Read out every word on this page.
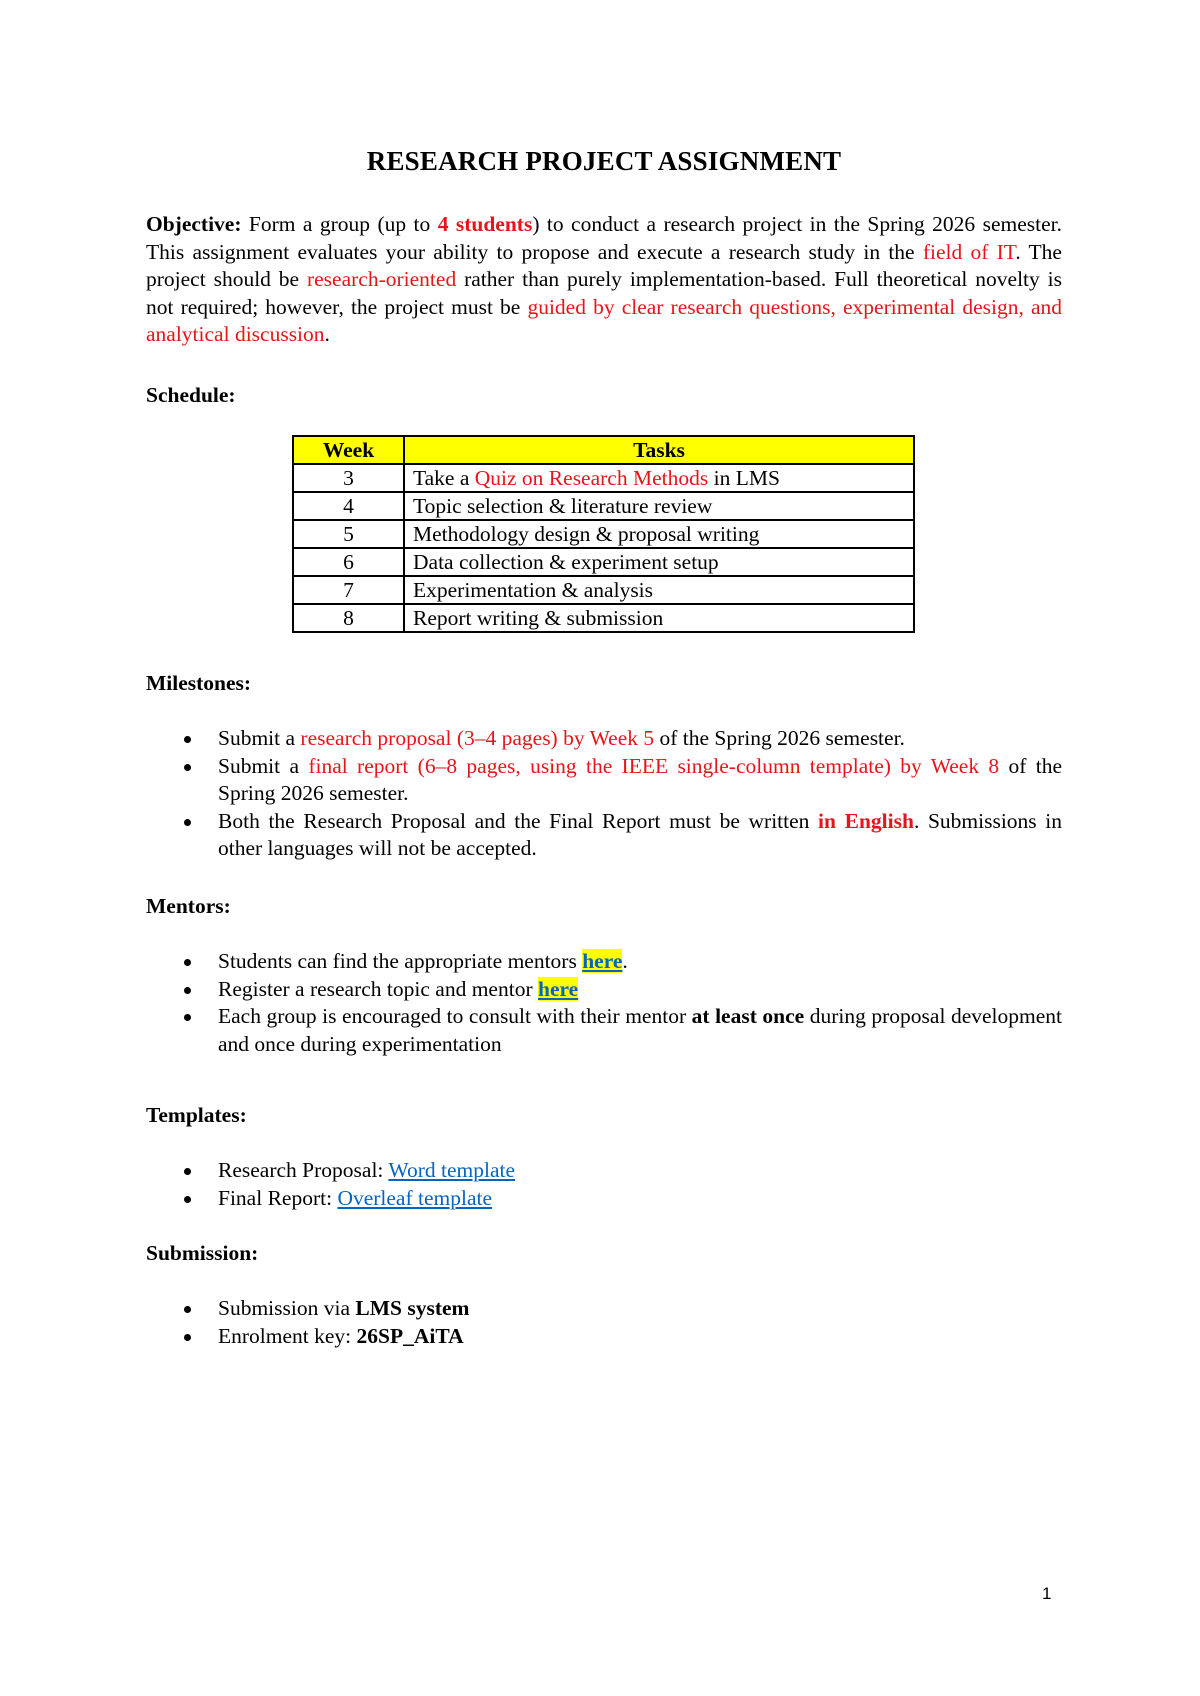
RESEARCH PROJECT ASSIGNMENT
Objective: Form a group (up to 4 students) to conduct a research project in the Spring 2026 semester. This assignment evaluates your ability to propose and execute a research study in the field of IT. The project should be research-oriented rather than purely implementation-based. Full theoretical novelty is not required; however, the project must be guided by clear research questions, experimental design, and analytical discussion.
Schedule:
Week	Tasks
3	Take a Quiz on Research Methods in LMS
4	Topic selection & literature review
5	Methodology design & proposal writing
6	Data collection & experiment setup
7	Experimentation & analysis
8	Report writing & submission
Milestones:
Submit a research proposal (3–4 pages) by Week 5 of the Spring 2026 semester.
Submit a final report (6–8 pages, using the IEEE single-column template) by Week 8 of the Spring 2026 semester.
Both the Research Proposal and the Final Report must be written in English. Submissions in other languages will not be accepted.
Mentors:
Students can find the appropriate mentors here.
Register a research topic and mentor here
Each group is encouraged to consult with their mentor at least once during proposal development and once during experimentation
Templates:
Research Proposal: Word template
Final Report: Overleaf template
Submission:
Submission via LMS system
Enrolment key: 26SP_AiTA
1
